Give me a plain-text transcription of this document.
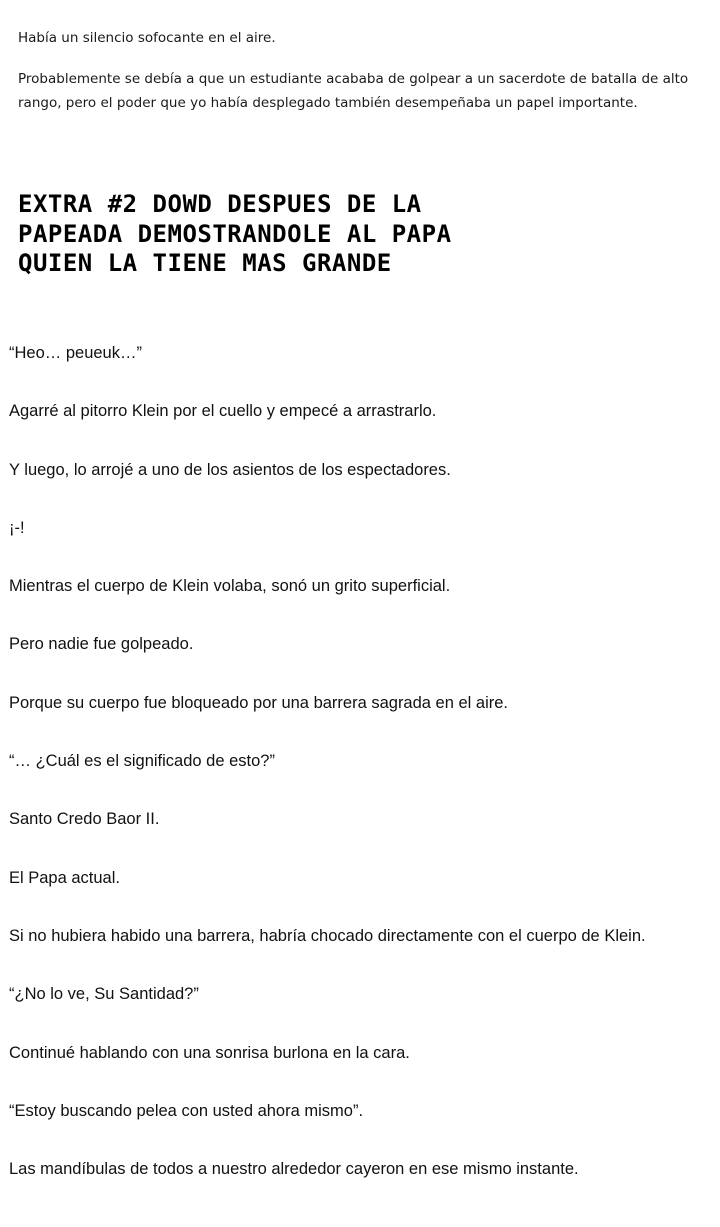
Había un silencio sofocante en el aire.

Probablemente se debía a que un estudiante acababa de golpear a un sacerdote de batalla de alto rango, pero el poder que yo había desplegado también desempeñaba un papel importante.

EXTRA #2 DOWD DESPUES DE LA
PAPEADA DEMOSTRANDOLE AL PAPA
QUIEN LA TIENE MAS GRANDE

“Heo… peueuk…”

Agarré al pitorro Klein por el cuello y empecé a arrastrarlo.

Y luego, lo arrojé a uno de los asientos de los espectadores.

¡-!

Mientras el cuerpo de Klein volaba, sonó un grito superficial.

Pero nadie fue golpeado.

Porque su cuerpo fue bloqueado por una barrera sagrada en el aire.

“… ¿Cuál es el significado de esto?”

Santo Credo Baor II.

El Papa actual.

Si no hubiera habido una barrera, habría chocado directamente con el cuerpo de Klein.

“¿No lo ve, Su Santidad?”

Continué hablando con una sonrisa burlona en la cara.

“Estoy buscando pelea con usted ahora mismo”.

Las mandíbulas de todos a nuestro alrededor cayeron en ese mismo instante.
